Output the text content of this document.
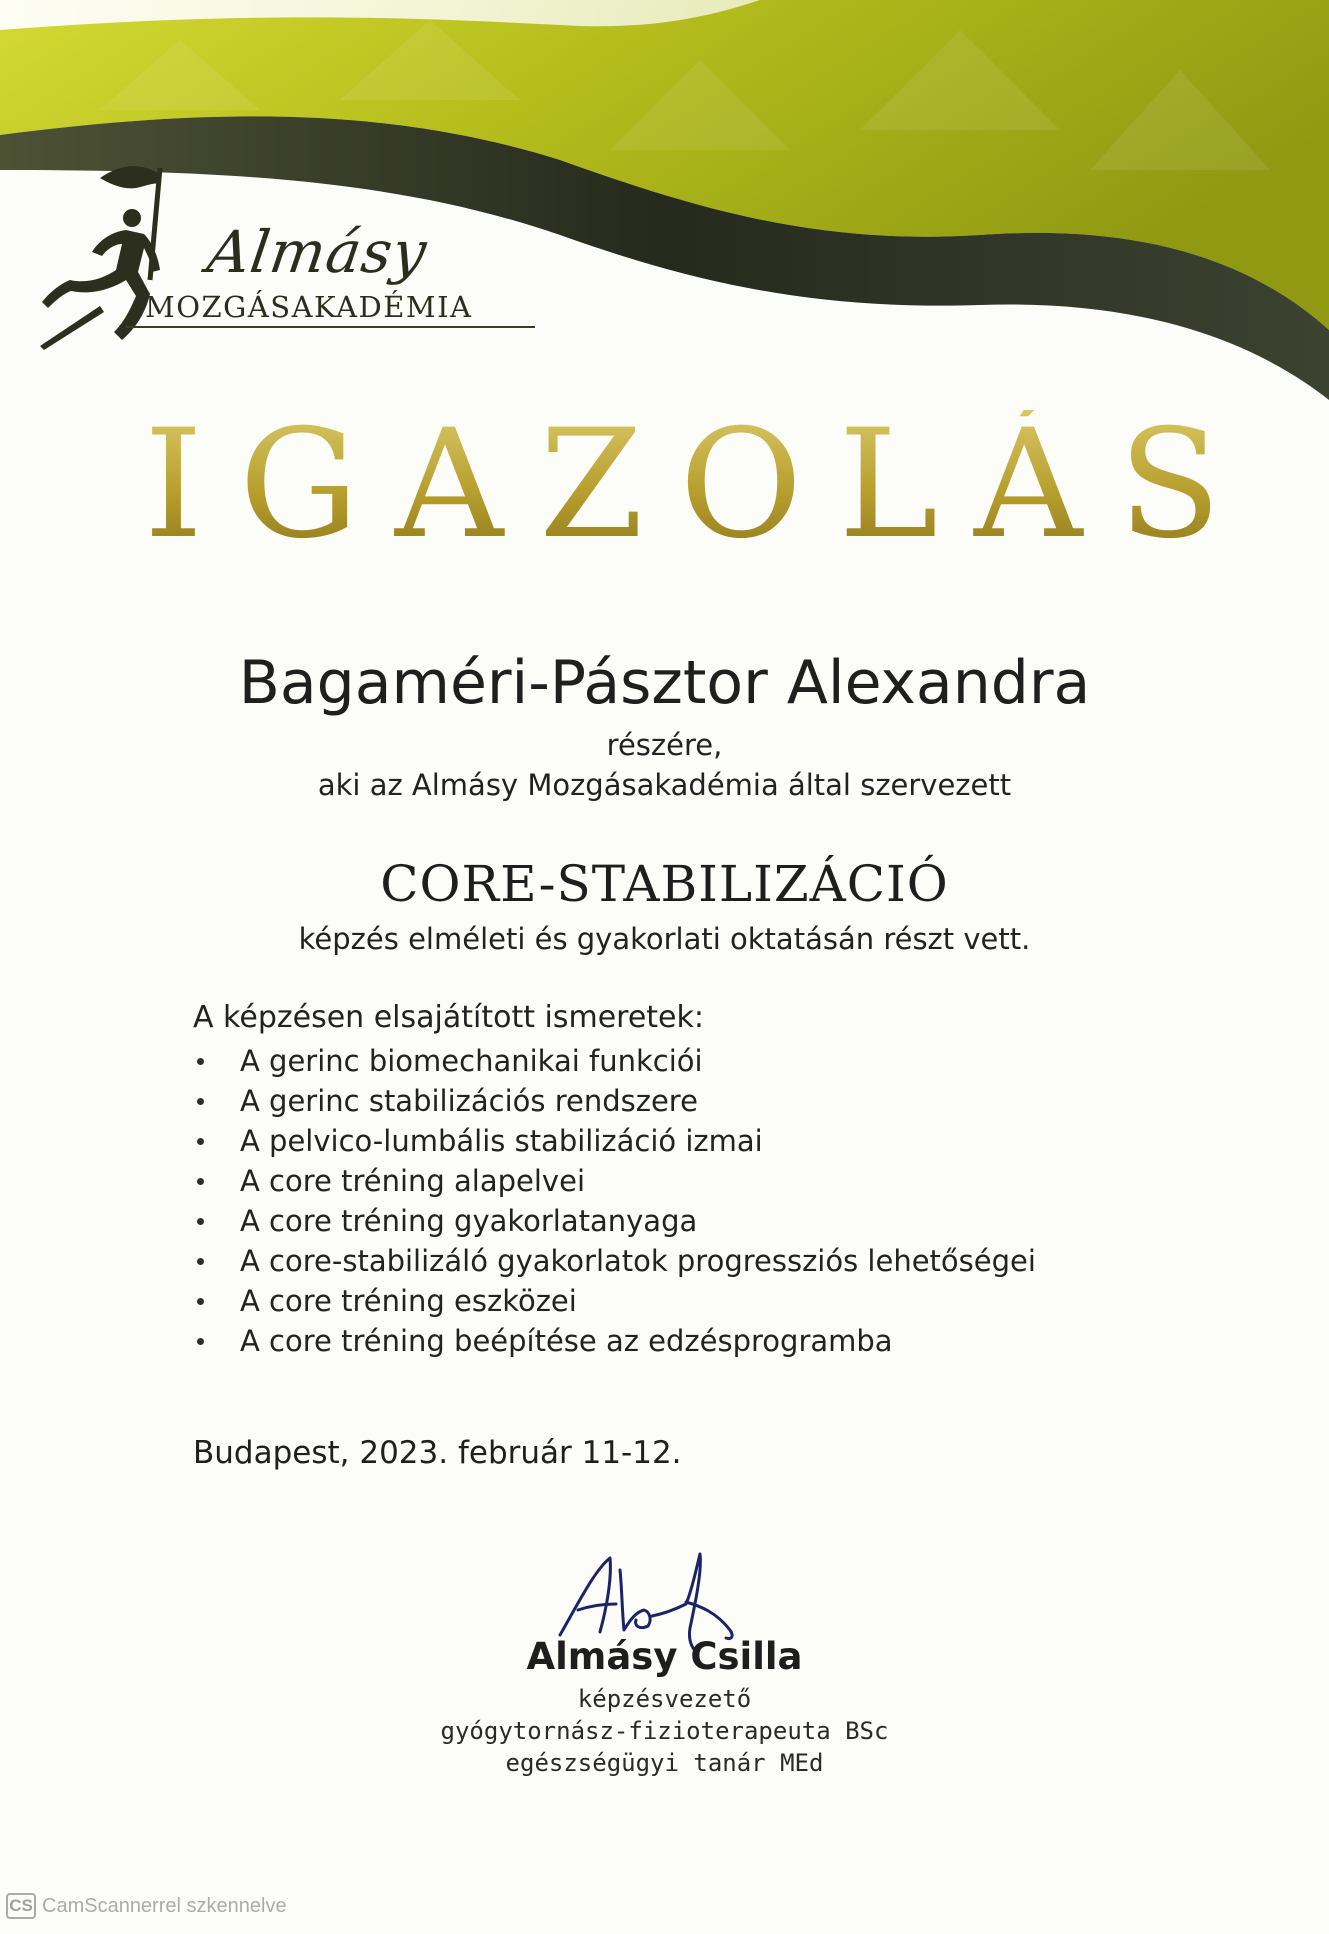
Almásy
MOZGÁSAKADÉMIA
IGAZOLÁS
Bagaméri-Pásztor Alexandra
részére,
aki az Almásy Mozgásakadémia által szervezett
CORE-STABILIZÁCIÓ
képzés elméleti és gyakorlati oktatásán részt vett.
A képzésen elsajátított ismeretek:
A gerinc biomechanikai funkciói
A gerinc stabilizációs rendszere
A pelvico-lumbális stabilizáció izmai
A core tréning alapelvei
A core tréning gyakorlatanyaga
A core-stabilizáló gyakorlatok progressziós lehetőségei
A core tréning eszközei
A core tréning beépítése az edzésprogramba
Budapest, 2023. február 11-12.
Almásy Csilla
képzésvezető
gyógytornász-fizioterapeuta BSc
egészségügyi tanár MEd
CS CamScannerrel szkennelve
